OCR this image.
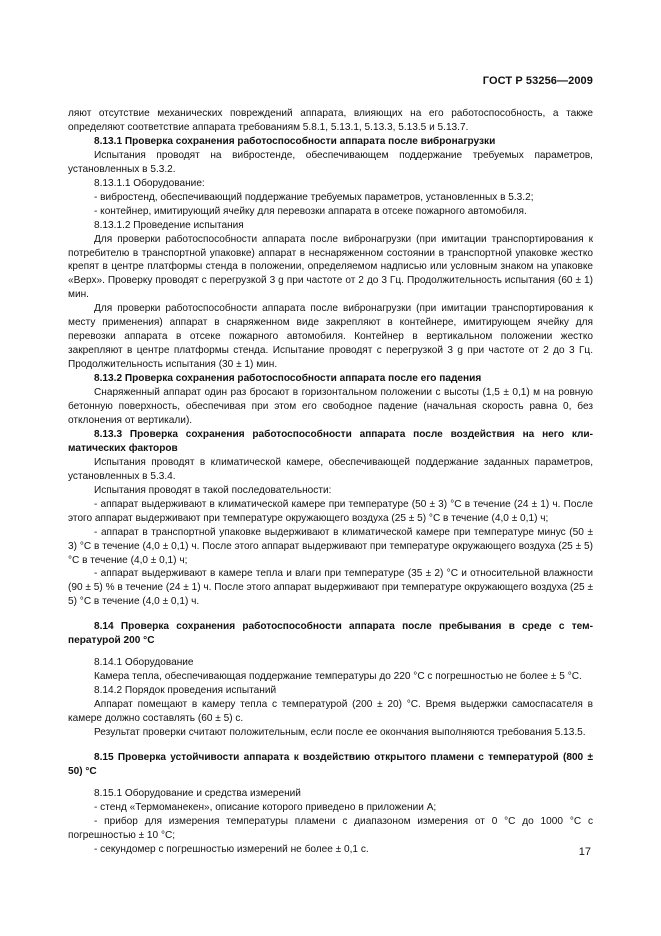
ГОСТ Р 53256—2009

ляют отсутствие механических повреждений аппарата, влияющих на его работоспособность, а также определяют соответствие аппарата требованиям 5.8.1, 5.13.1, 5.13.3, 5.13.5 и 5.13.7.

8.13.1 Проверка сохранения работоспособности аппарата после вибронагрузки

Испытания проводят на вибростенде, обеспечивающем поддержание требуемых параметров, установленных в 5.3.2.

8.13.1.1 Оборудование:

- вибростенд, обеспечивающий поддержание требуемых параметров, установленных в 5.3.2;

- контейнер, имитирующий ячейку для перевозки аппарата в отсеке пожарного автомобиля.

8.13.1.2 Проведение испытания

Для проверки работоспособности аппарата после вибронагрузки (при имитации транспортирования к потребителю в транспортной упаковке) аппарат в неснаряженном состоянии в транспортной упаковке жестко крепят в центре платформы стенда в положении, определяемом надписью или условным знаком на упаковке «Верх». Проверку проводят с перегрузкой 3 g при частоте от 2 до 3 Гц. Продолжительность испытания (60 ± 1) мин.

Для проверки работоспособности аппарата после вибронагрузки (при имитации транспортирования к месту применения) аппарат в снаряженном виде закрепляют в контейнере, имитирующем ячейку для перевозки аппарата в отсеке пожарного автомобиля. Контейнер в вертикальном положении жестко закрепляют в центре платформы стенда. Испытание проводят с перегрузкой 3 g при частоте от 2 до 3 Гц. Продолжительность испытания (30 ± 1) мин.

8.13.2 Проверка сохранения работоспособности аппарата после его падения

Снаряженный аппарат один раз бросают в горизонтальном положении с высоты (1,5 ± 0,1) м на ровную бетонную поверхность, обеспечивая при этом его свободное падение (начальная скорость равна 0, без отклонения от вертикали).

8.13.3 Проверка сохранения работоспособности аппарата после воздействия на него климатических факторов

Испытания проводят в климатической камере, обеспечивающей поддержание заданных параметров, установленных в 5.3.4.

Испытания проводят в такой последовательности:

- аппарат выдерживают в климатической камере при температуре (50 ± 3) °С в течение (24 ± 1) ч. После этого аппарат выдерживают при температуре окружающего воздуха (25 ± 5) °С в течение (4,0 ± 0,1) ч;

- аппарат в транспортной упаковке выдерживают в климатической камере при температуре минус (50 ± 3) °С в течение (4,0 ± 0,1) ч. После этого аппарат выдерживают при температуре окружающего воздуха (25 ± 5) °С в течение (4,0 ± 0,1) ч;

- аппарат выдерживают в камере тепла и влаги при температуре (35 ± 2) °С и относительной влажности (90 ± 5) % в течение (24 ± 1) ч. После этого аппарат выдерживают при температуре окружающего воздуха (25 ± 5) °С в течение (4,0 ± 0,1) ч.

8.14 Проверка сохранения работоспособности аппарата после пребывания в среде с температурой 200 °С

8.14.1 Оборудование

Камера тепла, обеспечивающая поддержание температуры до 220 °С с погрешностью не более ± 5 °С.

8.14.2 Порядок проведения испытаний

Аппарат помещают в камеру тепла с температурой (200 ± 20) °С. Время выдержки самоспасателя в камере должно составлять (60 ± 5) с.

Результат проверки считают положительным, если после ее окончания выполняются требования 5.13.5.

8.15 Проверка устойчивости аппарата к воздействию открытого пламени с температурой (800 ± 50) °С

8.15.1 Оборудование и средства измерений

- стенд «Термоманекен», описание которого приведено в приложении А;

- прибор для измерения температуры пламени с диапазоном измерения от 0 °С до 1000 °С с погрешностью ± 10 °С;

- секундомер с погрешностью измерений не более ± 0,1 с.	17
